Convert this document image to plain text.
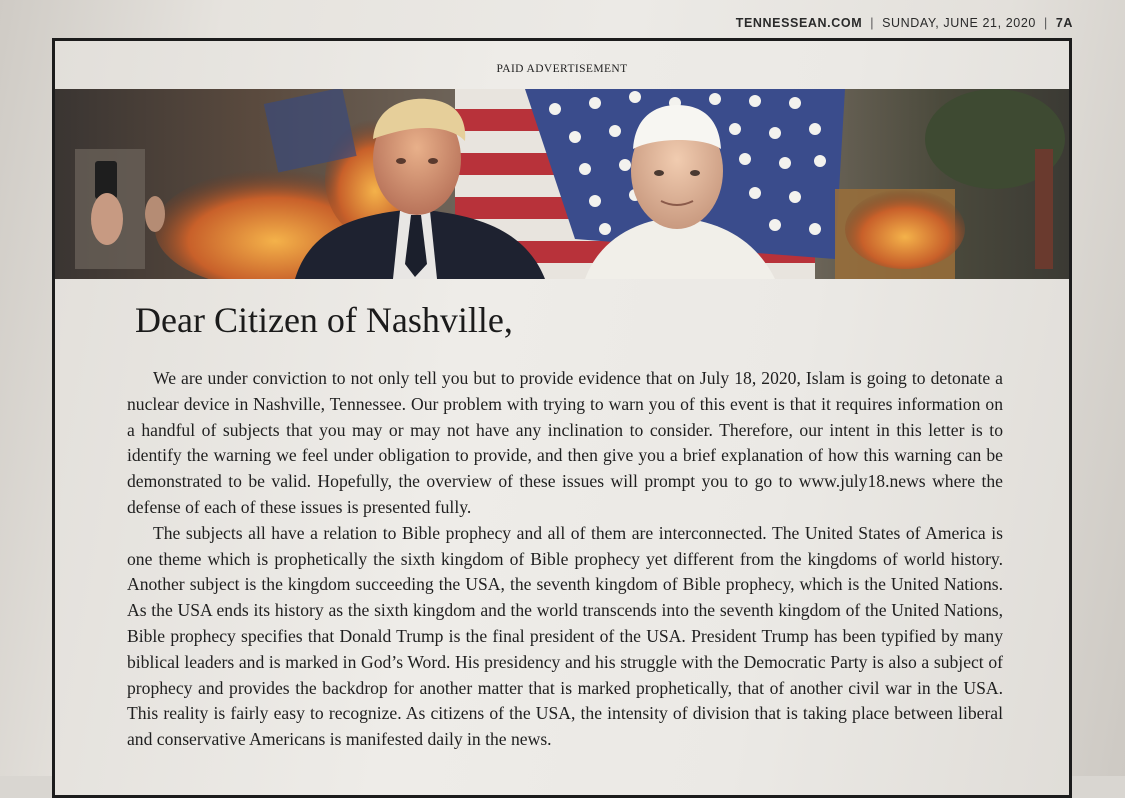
TENNESSEAN.COM | SUNDAY, JUNE 21, 2020 | 7A
PAID ADVERTISEMENT
Dear Citizen of Nashville,

We are under conviction to not only tell you but to provide evidence that on July 18, 2020, Islam is going to detonate a nuclear device in Nashville, Tennessee. Our problem with trying to warn you of this event is that it requires information on a handful of subjects that you may or may not have any inclination to consider. Therefore, our intent in this letter is to identify the warning we feel under obligation to provide, and then give you a brief explanation of how this warning can be demonstrated to be valid. Hopefully, the overview of these issues will prompt you to go to www.july18.news where the defense of each of these issues is presented fully.

The subjects all have a relation to Bible prophecy and all of them are interconnected. The United States of America is one theme which is prophetically the sixth kingdom of Bible prophecy yet different from the kingdoms of world history. Another subject is the kingdom succeeding the USA, the seventh kingdom of Bible prophecy, which is the United Nations. As the USA ends its history as the sixth kingdom and the world transcends into the seventh kingdom of the United Nations, Bible prophecy specifies that Donald Trump is the final president of the USA. President Trump has been typified by many biblical leaders and is marked in God’s Word. His presidency and his struggle with the Democratic Party is also a subject of prophecy and provides the backdrop for another matter that is marked prophetically, that of another civil war in the USA. This reality is fairly easy to recognize. As citizens of the USA, the intensity of division that is taking place between liberal and conservative Americans is manifested daily in the news.
